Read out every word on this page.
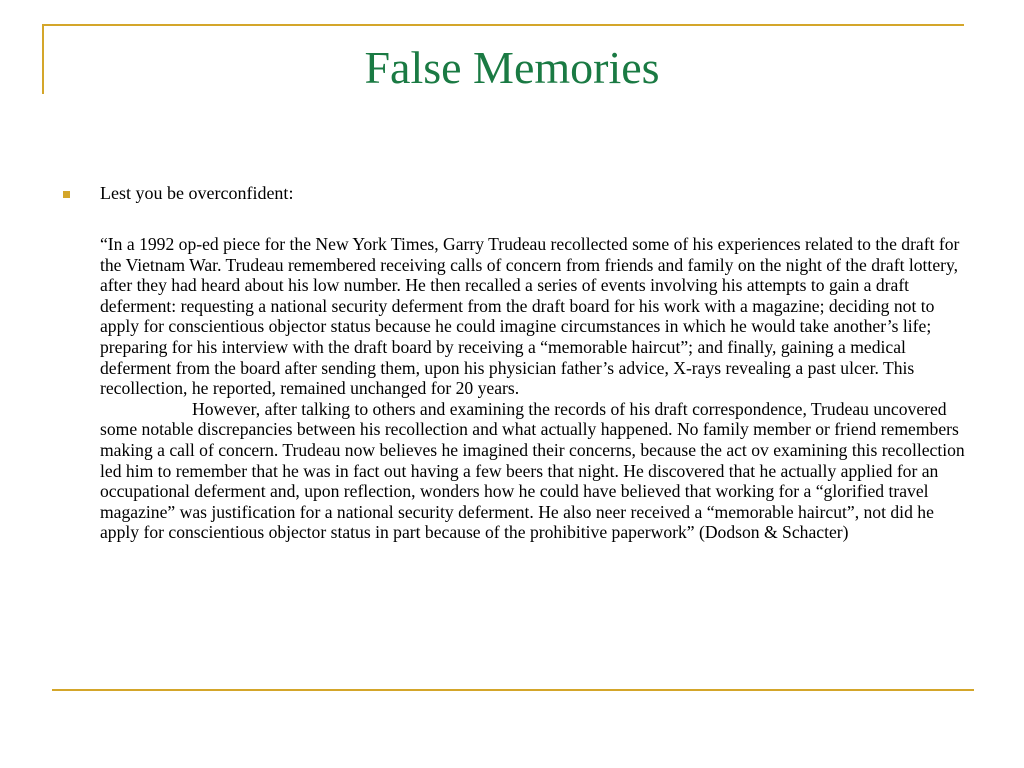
False Memories
Lest you be overconfident:

“In a 1992 op-ed piece for the New York Times, Garry Trudeau recollected some of his experiences related to the draft for the Vietnam War. Trudeau remembered receiving calls of concern from friends and family on the night of the draft lottery, after they had heard about his low number. He then recalled a series of events involving his attempts to gain a draft deferment: requesting a national security deferment from the draft board for his work with a magazine; deciding not to apply for conscientious objector status because he could imagine circumstances in which he would take another’s life; preparing for his interview with the draft board by receiving a “memorable haircut”; and finally, gaining a medical deferment from the board after sending them, upon his physician father’s advice, X-rays revealing a past ulcer. This recollection, he reported, remained unchanged for 20 years.

However, after talking to others and examining the records of his draft correspondence, Trudeau uncovered some notable discrepancies between his recollection and what actually happened. No family member or friend remembers making a call of concern. Trudeau now believes he imagined their concerns, because the act ov examining this recollection led him to remember that he was in fact out having a few beers that night. He discovered that he actually applied for an occupational deferment and, upon reflection, wonders how he could have believed that working for a “glorified travel magazine” was justification for a national security deferment. He also neer received a “memorable haircut”, not did he apply for conscientious objector status in part because of the prohibitive paperwork” (Dodson & Schacter)
